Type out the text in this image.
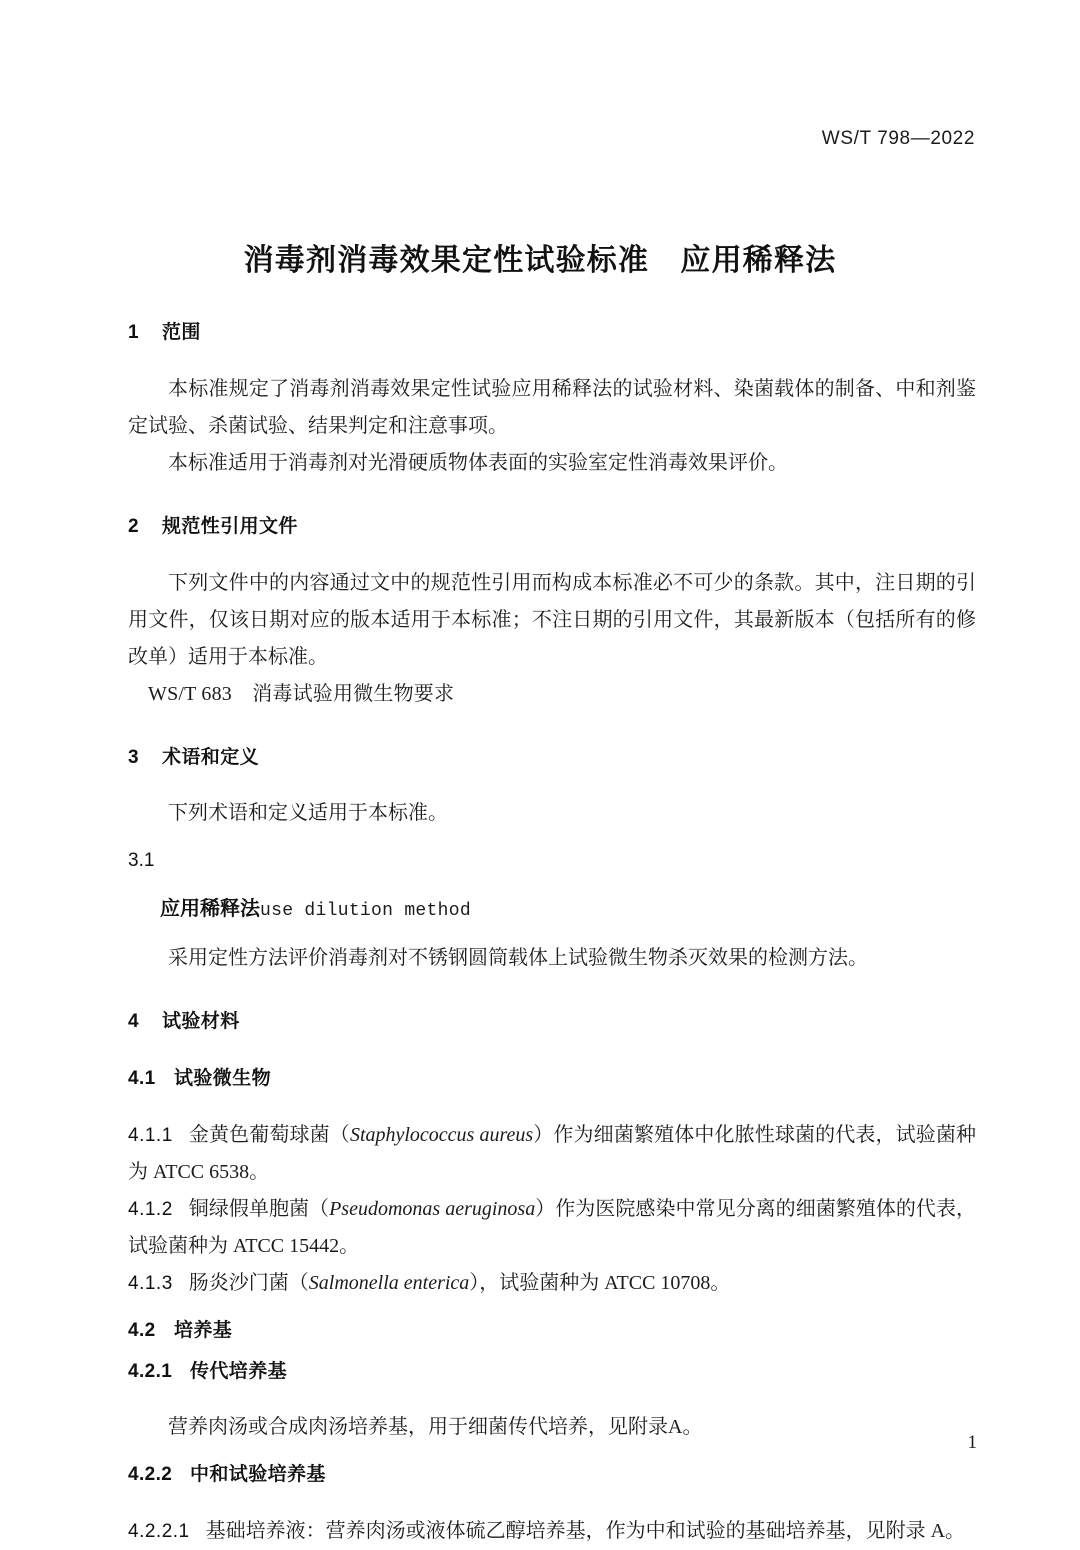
WS/T 798—2022
消毒剂消毒效果定性试验标准　应用稀释法
1 范围

本标准规定了消毒剂消毒效果定性试验应用稀释法的试验材料、染菌载体的制备、中和剂鉴定试验、杀菌试验、结果判定和注意事项。

本标准适用于消毒剂对光滑硬质物体表面的实验室定性消毒效果评价。

2 规范性引用文件

下列文件中的内容通过文中的规范性引用而构成本标准必不可少的条款。其中，注日期的引用文件，仅该日期对应的版本适用于本标准；不注日期的引用文件，其最新版本（包括所有的修改单）适用于本标准。

WS/T 683　消毒试验用微生物要求

3 术语和定义

下列术语和定义适用于本标准。

3.1

应用稀释法use dilution method

采用定性方法评价消毒剂对不锈钢圆筒载体上试验微生物杀灭效果的检测方法。

4 试验材料
4.1 试验微生物

4.1.1 金黄色葡萄球菌（Staphylococcus aureus）作为细菌繁殖体中化脓性球菌的代表，试验菌种为 ATCC 6538。

4.1.2 铜绿假单胞菌（Pseudomonas aeruginosa）作为医院感染中常见分离的细菌繁殖体的代表，试验菌种为 ATCC 15442。

4.1.3 肠炎沙门菌（Salmonella enterica），试验菌种为 ATCC 10708。

4.2 培养基
4.2.1 传代培养基

营养肉汤或合成肉汤培养基，用于细菌传代培养，见附录A。

4.2.2 中和试验培养基

4.2.2.1 基础培养液：营养肉汤或液体硫乙醇培养基，作为中和试验的基础培养基，见附录 A。

1
